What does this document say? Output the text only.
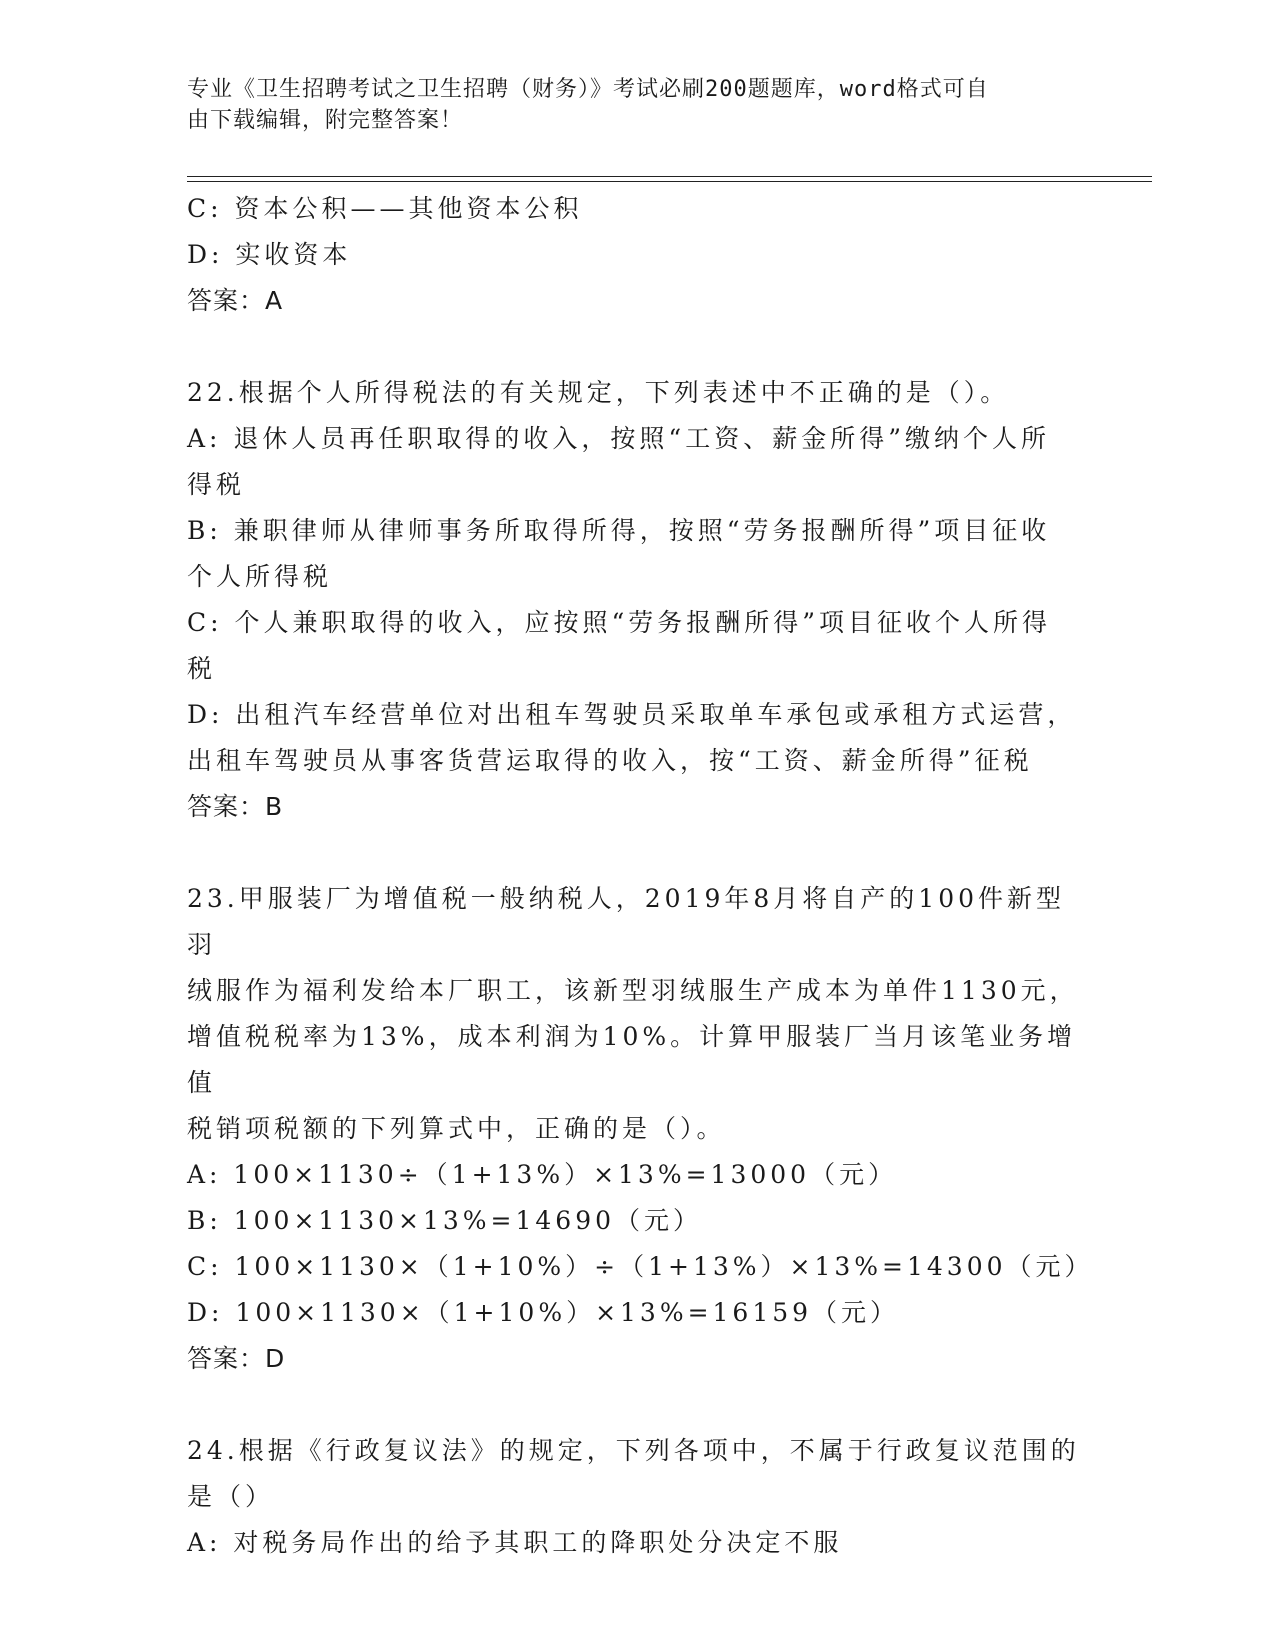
专业《卫生招聘考试之卫生招聘（财务）》考试必刷200题题库，word格式可自
由下载编辑，附完整答案！

C: 资本公积——其他资本公积

D: 实收资本

答案：A

22.根据个人所得税法的有关规定，下列表述中不正确的是（）。

A: 退休人员再任职取得的收入，按照“工资、薪金所得”缴纳个人所

得税

B: 兼职律师从律师事务所取得所得，按照“劳务报酬所得”项目征收

个人所得税

C: 个人兼职取得的收入，应按照“劳务报酬所得”项目征收个人所得

税

D: 出租汽车经营单位对出租车驾驶员采取单车承包或承租方式运营，

出租车驾驶员从事客货营运取得的收入，按“工资、薪金所得”征税

答案：B

23.甲服装厂为增值税一般纳税人，2019年8月将自产的100件新型羽

绒服作为福利发给本厂职工，该新型羽绒服生产成本为单件1130元，

增值税税率为13%，成本利润为10%。计算甲服装厂当月该笔业务增值

税销项税额的下列算式中，正确的是（）。

A: 100×1130÷（1+13%）×13%=13000（元）

B: 100×1130×13%=14690（元）

C: 100×1130×（1+10%）÷（1+13%）×13%=14300（元）

D: 100×1130×（1+10%）×13%=16159（元）

答案：D

24.根据《行政复议法》的规定，下列各项中，不属于行政复议范围的

是（）

A: 对税务局作出的给予其职工的降职处分决定不服
